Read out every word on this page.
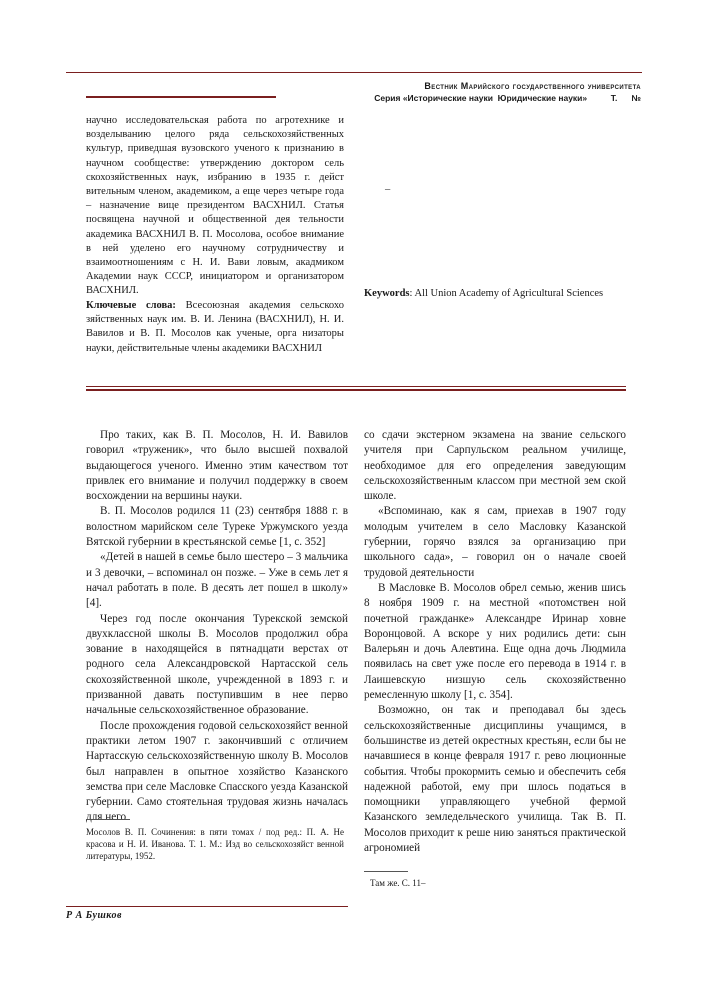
Вестник Марийского государственного университета
Серия «Исторические науки  Юридические науки»          Т.      №
научно исследовательская работа по агротехнике и возделыванию целого ряда сельскохозяйственных культур, приведшая вузовского ученого к признанию в научном сообществе: утверждению доктором сель скохозяйственных наук, избранию в 1935 г. дейст вительным членом, академиком, а еще через четыре года – назначение вице президентом ВАСХНИЛ. Статья посвящена научной и общественной дея тельности академика ВАСХНИЛ В. П. Мосолова, особое внимание в ней уделено его научному сотрудничеству и взаимоотношениям с Н. И. Вави ловым, акадмиком Академии наук СССР, инициатором и организатором ВАСХНИЛ.
Ключевые слова: Всесоюзная академия сельскохо зяйственных наук им. В. И. Ленина (ВАСХНИЛ), Н. И. Вавилов и В. П. Мосолов как ученые, орга низаторы науки, действительные члены академики ВАСХНИЛ
–
Keywords: All Union Academy of Agricultural Sciences

Про таких, как В. П. Мосолов, Н. И. Вавилов говорил «труженик», что было высшей похвалой выдающегося ученого. Именно этим качеством тот привлек его внимание и получил поддержку в своем восхождении на вершины науки.

В. П. Мосолов родился 11 (23) сентября 1888 г. в волостном марийском селе Туреке Уржумского уезда Вятской губернии в крестьянской семье [1, с. 352]

«Детей в нашей в семье было шестеро – 3 мальчика и 3 девочки, – вспоминал он позже. – Уже в семь лет я начал работать в поле. В десять лет пошел в школу» [4].

Через год после окончания Турекской земской двухклассной школы В. Мосолов продолжил обра зование в находящейся в пятнадцати верстах от родного села Александровской Нартасской сель скохозяйственной школе, учрежденной в 1893 г. и призванной давать поступившим в нее перво начальные сельскохозяйственное образование.

После прохождения годовой сельскохозяйст венной практики летом 1907 г. закончивший с отличием Нартасскую сельскохозяйственную школу В. Мосолов был направлен в опытное хозяйство Казанского земства при селе Масловке Спасского уезда Казанской губернии. Само стоятельная трудовая жизнь началась для него

со сдачи экстерном экзамена на звание сельского учителя при Сарпульском реальном училище, необходимое для его определения заведующим сельскохозяйственным классом при местной зем ской школе.

«Вспоминаю, как я сам, приехав в 1907 году молодым учителем в село Масловку Казанской губернии, горячо взялся за организацию при школьного сада», – говорил он о начале своей трудовой деятельности

В Масловке В. Мосолов обрел семью, женив шись 8 ноября 1909 г. на местной «потомствен ной почетной гражданке» Александре Иринар ховне Воронцовой. А вскоре у них родились дети: сын Валерьян и дочь Алевтина. Еще одна дочь Людмила появилась на свет уже после его перевода в 1914 г. в Лаишевскую низшую сель скохозяйственно ремесленную школу [1, с. 354].

Возможно, он так и преподавал бы здесь сельскохозяйственные дисциплины учащимся, в большинстве из детей окрестных крестьян, если бы не начавшиеся в конце февраля 1917 г. рево люционные события. Чтобы прокормить семью и обеспечить себя надежной работой, ему при шлось податься в помощники управляющего учебной фермой Казанского земледельческого училища. Так В. П. Мосолов приходит к реше нию заняться практической агрономией

Мосолов В. П. Сочинения: в пяти томах / под ред.: П. А. Не красова и Н. И. Иванова. Т. 1. М.: Изд во сельскохозяйст венной литературы, 1952.
Там же. С. 11–
Р А Бушков
